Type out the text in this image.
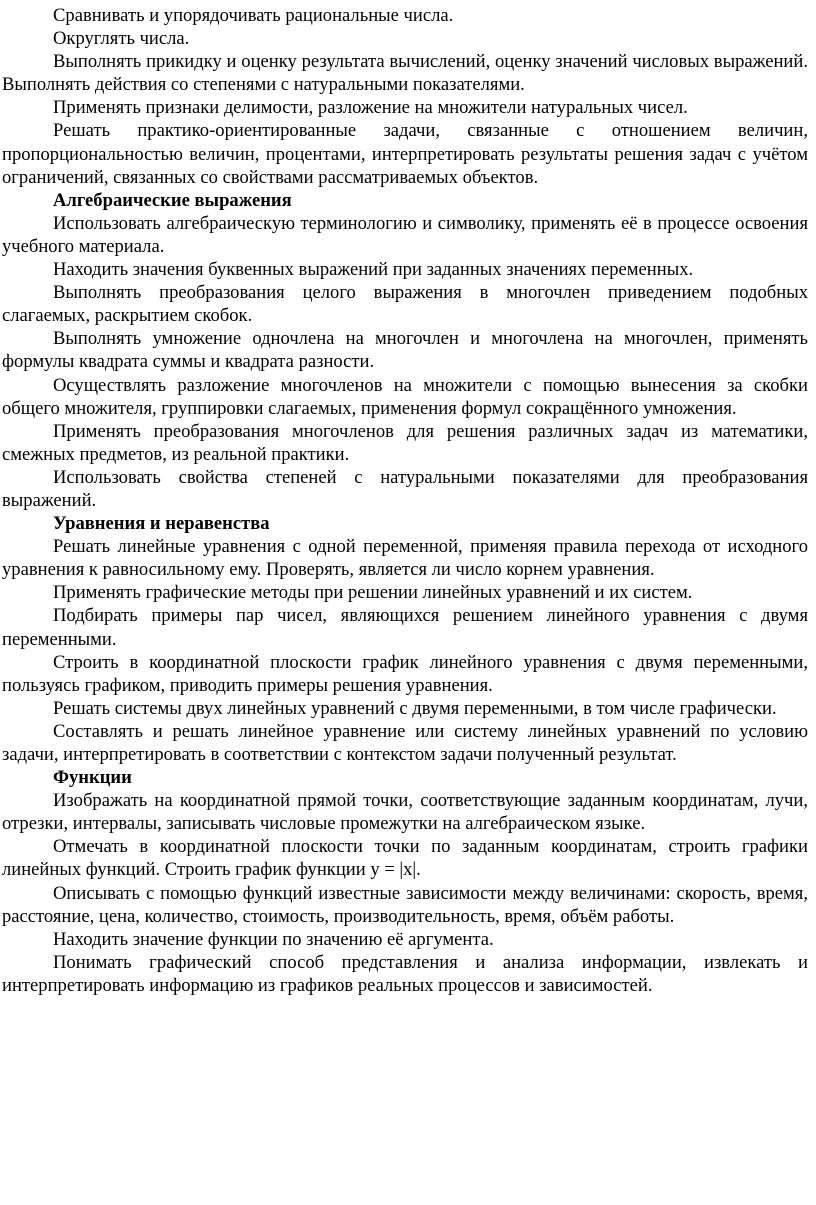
Сравнивать и упорядочивать рациональные числа.

Округлять числа.

Выполнять прикидку и оценку результата вычислений, оценку значений числовых выражений. Выполнять действия со степенями с натуральными показателями.

Применять признаки делимости, разложение на множители натуральных чисел.

Решать практико-ориентированные задачи, связанные с отношением величин, пропорциональностью величин, процентами, интерпретировать результаты решения задач с учётом ограничений, связанных со свойствами рассматриваемых объектов.

Алгебраические выражения

Использовать алгебраическую терминологию и символику, применять её в процессе освоения учебного материала.

Находить значения буквенных выражений при заданных значениях переменных.

Выполнять преобразования целого выражения в многочлен приведением подобных слагаемых, раскрытием скобок.

Выполнять умножение одночлена на многочлен и многочлена на многочлен, применять формулы квадрата суммы и квадрата разности.

Осуществлять разложение многочленов на множители с помощью вынесения за скобки общего множителя, группировки слагаемых, применения формул сокращённого умножения.

Применять преобразования многочленов для решения различных задач из математики, смежных предметов, из реальной практики.

Использовать свойства степеней с натуральными показателями для преобразования выражений.

Уравнения и неравенства

Решать линейные уравнения с одной переменной, применяя правила перехода от исходного уравнения к равносильному ему. Проверять, является ли число корнем уравнения.

Применять графические методы при решении линейных уравнений и их систем.

Подбирать примеры пар чисел, являющихся решением линейного уравнения с двумя переменными.

Строить в координатной плоскости график линейного уравнения с двумя переменными, пользуясь графиком, приводить примеры решения уравнения.

Решать системы двух линейных уравнений с двумя переменными, в том числе графически.

Составлять и решать линейное уравнение или систему линейных уравнений по условию задачи, интерпретировать в соответствии с контекстом задачи полученный результат.

Функции

Изображать на координатной прямой точки, соответствующие заданным координатам, лучи, отрезки, интервалы, записывать числовые промежутки на алгебраическом языке.

Отмечать в координатной плоскости точки по заданным координатам, строить графики линейных функций. Строить график функции y = |x|.

Описывать с помощью функций известные зависимости между величинами: скорость, время, расстояние, цена, количество, стоимость, производительность, время, объём работы.

Находить значение функции по значению её аргумента.

Понимать графический способ представления и анализа информации, извлекать и интерпретировать информацию из графиков реальных процессов и зависимостей.
